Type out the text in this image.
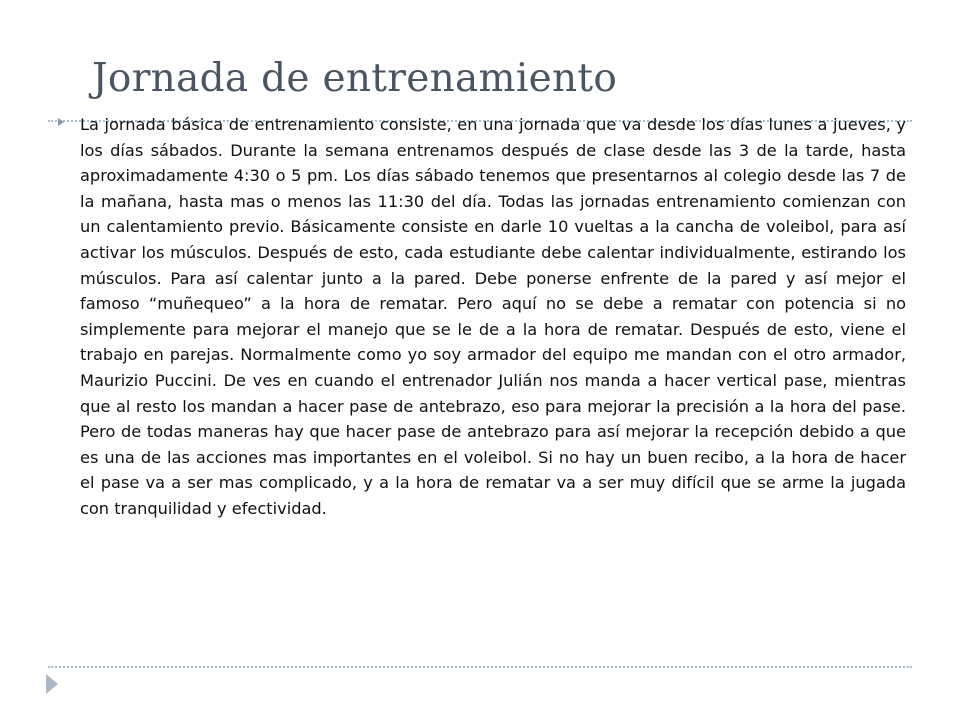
Jornada de entrenamiento

La jornada básica de entrenamiento consiste, en una jornada que va desde los días lunes a jueves, y los días sábados. Durante la semana entrenamos después de clase desde las 3 de la tarde, hasta aproximadamente 4:30 o 5 pm. Los días sábado tenemos que presentarnos al colegio desde las 7 de la mañana, hasta mas o menos las 11:30 del día. Todas las jornadas entrenamiento comienzan con un calentamiento previo. Básicamente consiste en darle 10 vueltas a la cancha de voleibol, para así activar los músculos. Después de esto, cada estudiante debe calentar individualmente, estirando los músculos. Para así calentar junto a la pared. Debe ponerse enfrente de la pared y así mejor el famoso “muñequeo” a la hora de rematar. Pero aquí no se debe a rematar con potencia si no simplemente para mejorar el manejo que se le de a la hora de rematar. Después de esto, viene el trabajo en parejas. Normalmente como yo soy armador del equipo me mandan con el otro armador, Maurizio Puccini. De ves en cuando el entrenador Julián nos manda a hacer vertical pase, mientras que al resto los mandan a hacer pase de antebrazo, eso para mejorar la precisión a la hora del pase. Pero de todas maneras hay que hacer pase de antebrazo para así mejorar la recepción debido a que es una de las acciones mas importantes en el voleibol. Si no hay un buen recibo, a la hora de hacer el pase va a ser mas complicado, y a la hora de rematar va a ser muy difícil que se arme la jugada con tranquilidad y efectividad.
